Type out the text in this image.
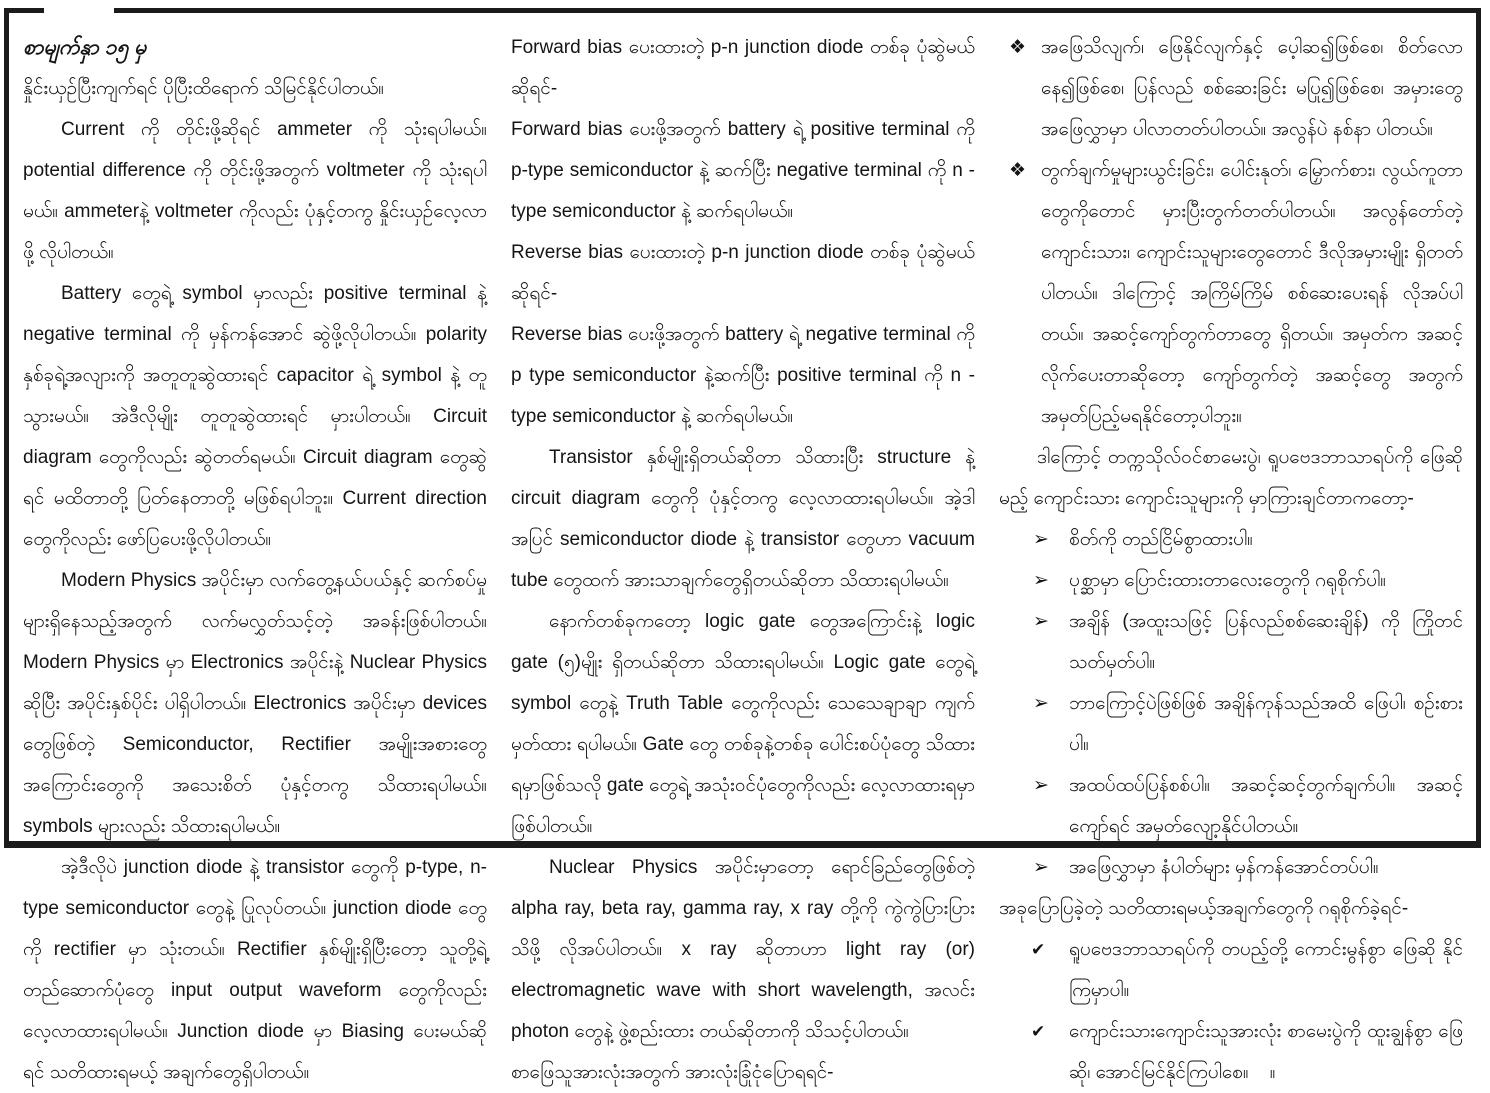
စာမျက်နှာ ၁၅ မှ

နှိုင်းယှဉ်ပြီးကျက်ရင် ပိုပြီးထိရောက် သိမြင်နိုင်ပါတယ်။

Current ကို တိုင်းဖို့ဆိုရင် ammeter ကို သုံးရပါမယ်။ potential difference ကို တိုင်းဖို့အတွက် voltmeter ကို သုံးရပါမယ်။ ammeterနဲ့ voltmeter ကိုလည်း ပုံနှင့်တကွ နှိုင်းယှဉ်လေ့လာဖို့ လိုပါတယ်။

Battery တွေရဲ့ symbol မှာလည်း positive terminal နဲ့ negative terminal ကို မှန်ကန်အောင် ဆွဲဖို့လိုပါတယ်။ polarity နှစ်ခုရဲ့အလျားကို အတူတူဆွဲထားရင် capacitor ရဲ့ symbol နဲ့ တူသွားမယ်။ အဲဒီလိုမျိုး တူတူဆွဲထားရင် မှားပါတယ်။ Circuit diagram တွေကိုလည်း ဆွဲတတ်ရမယ်။ Circuit diagram တွေဆွဲရင် မထိတာတို့ ပြတ်နေတာတို့ မဖြစ်ရပါဘူး။ Current direction တွေကိုလည်း ဖော်ပြပေးဖို့လိုပါတယ်။

Modern Physics အပိုင်းမှာ လက်တွေ့နယ်ပယ်နှင့် ဆက်စပ်မှုများရှိနေသည့်အတွက် လက်မလွှတ်သင့်တဲ့ အခန်းဖြစ်ပါတယ်။ Modern Physics မှာ Electronics အပိုင်းနဲ့ Nuclear Physics ဆိုပြီး အပိုင်းနှစ်ပိုင်း ပါရှိပါတယ်။ Electronics အပိုင်းမှာ devices တွေဖြစ်တဲ့ Semiconductor, Rectifier အမျိုးအစားတွေ အကြောင်းတွေကို အသေးစိတ် ပုံနှင့်တကွ သိထားရပါမယ်။ symbols များလည်း သိထားရပါမယ်။

အဲ့ဒီလိုပဲ junction diode နဲ့ transistor တွေကို p-type, n-type semiconductor တွေနဲ့ ပြုလုပ်တယ်။ junction diode တွေကို rectifier မှာ သုံးတယ်။ Rectifier နှစ်မျိုးရှိပြီးတော့ သူတို့ရဲ့ တည်ဆောက်ပုံတွေ input output waveform တွေကိုလည်း လေ့လာထားရပါမယ်။ Junction diode မှာ Biasing ပေးမယ်ဆိုရင် သတိထားရမယ့် အချက်တွေရှိပါတယ်။

Forward bias ပေးထားတဲ့ p-n junction diode တစ်ခု ပုံဆွဲမယ် ဆိုရင်-

Forward bias ပေးဖို့အတွက် battery ရဲ့ positive terminal ကို p-type semiconductor နဲ့ ဆက်ပြီး negative terminal ကို n - type semiconductor နဲ့ ဆက်ရပါမယ်။

Reverse bias ပေးထားတဲ့ p-n junction diode တစ်ခု ပုံဆွဲမယ် ဆိုရင်-

Reverse bias ပေးဖို့အတွက် battery ရဲ့ negative terminal ကို p type semiconductor နဲ့ဆက်ပြီး positive terminal ကို n - type semiconductor နဲ့ ဆက်ရပါမယ်။

Transistor နှစ်မျိုးရှိတယ်ဆိုတာ သိထားပြီး structure နဲ့ circuit diagram တွေကို ပုံနှင့်တကွ လေ့လာထားရပါမယ်။ အဲ့ဒါအပြင် semiconductor diode နဲ့ transistor တွေဟာ vacuum tube တွေထက် အားသာချက်တွေရှိတယ်ဆိုတာ သိထားရပါမယ်။

နောက်တစ်ခုကတော့ logic gate တွေအကြောင်းနဲ့ logic gate (၅)မျိုး ရှိတယ်ဆိုတာ သိထားရပါမယ်။ Logic gate တွေရဲ့ symbol တွေနဲ့ Truth Table တွေကိုလည်း သေသေချာချာ ကျက်မှတ်ထား ရပါမယ်။ Gate တွေ တစ်ခုနဲ့တစ်ခု ပေါင်းစပ်ပုံတွေ သိထားရမှာဖြစ်သလို gate တွေရဲ့ အသုံးဝင်ပုံတွေကိုလည်း လေ့လာထားရမှာ ဖြစ်ပါတယ်။

Nuclear Physics အပိုင်းမှာတော့ ရောင်ခြည်တွေဖြစ်တဲ့ alpha ray, beta ray, gamma ray, x ray တို့ကို ကွဲကွဲပြားပြားသိဖို့ လိုအပ်ပါတယ်။ x ray ဆိုတာဟာ light ray (or) electromagnetic wave with short wavelength, အလင်း photon တွေနဲ့ ဖွဲ့စည်းထား တယ်ဆိုတာကို သိသင့်ပါတယ်။

စာဖြေသူအားလုံးအတွက် အားလုံးခြုံငုံပြောရရင်-

❖ အဖြေသိလျက်၊ ဖြေနိုင်လျက်နှင့် ပေ့ါဆ၍ဖြစ်စေ၊ စိတ်လော နေ၍ဖြစ်စေ၊ ပြန်လည် စစ်ဆေးခြင်း မပြု၍ဖြစ်စေ၊ အမှားတွေ အဖြေလွှာမှာ ပါလာတတ်ပါတယ်။ အလွန်ပဲ နစ်နာ ပါတယ်။

❖ တွက်ချက်မှုများယွင်းခြင်း၊ ပေါင်းနုတ်၊ မြှောက်စား၊ လွယ်ကူတာတွေကိုတောင် မှားပြီးတွက်တတ်ပါတယ်။ အလွန်တော်တဲ့ကျောင်းသား၊ ကျောင်းသူများတွေတောင် ဒီလိုအမှားမျိုး ရှိတတ်ပါတယ်။ ဒါကြောင့် အကြိမ်ကြိမ် စစ်ဆေးပေးရန် လိုအပ်ပါတယ်။ အဆင့်ကျော်တွက်တာတွေ ရှိတယ်။ အမှတ်က အဆင့်လိုက်ပေးတာဆိုတော့ ကျော်တွက်တဲ့ အဆင့်တွေ အတွက် အမှတ်ပြည့်မရနိုင်တော့ပါဘူး။

ဒါကြောင့် တက္ကသိုလ်ဝင်စာမေးပွဲ၊ ရူပဗေဒဘာသာရပ်ကို ဖြေဆိုမည့် ကျောင်းသား ကျောင်းသူများကို မှာကြားချင်တာကတော့-

➢ စိတ်ကို တည်ငြိမ်စွာထားပါ။

➢ ပုစ္ဆာမှာ ပြောင်းထားတာလေးတွေကို ဂရုစိုက်ပါ။

➢ အချိန် (အထူးသဖြင့် ပြန်လည်စစ်ဆေးချိန်) ကို ကြိုတင် သတ်မှတ်ပါ။

➢ ဘာကြောင့်ပဲဖြစ်ဖြစ် အချိန်ကုန်သည်အထိ ဖြေပါ၊ စဉ်းစားပါ။

➢ အထပ်ထပ်ပြန်စစ်ပါ။ အဆင့်ဆင့်တွက်ချက်ပါ။ အဆင့်ကျော်ရင် အမှတ်လျော့နိုင်ပါတယ်။

➢ အဖြေလွှာမှာ နံပါတ်များ မှန်ကန်အောင်တပ်ပါ။

အခုပြောပြခဲ့တဲ့ သတိထားရမယ့်အချက်တွေကို ဂရုစိုက်ခဲ့ရင်-

✔ ရူပဗေဒဘာသာရပ်ကို တပည့်တို့ ကောင်းမွန်စွာ ဖြေဆို နိုင်ကြမှာပါ။

✔ ကျောင်းသားကျောင်းသူအားလုံး စာမေးပွဲကို ထူးချွန်စွာ ဖြေဆို၊ အောင်မြင်နိုင်ကြပါစေ။    ။
